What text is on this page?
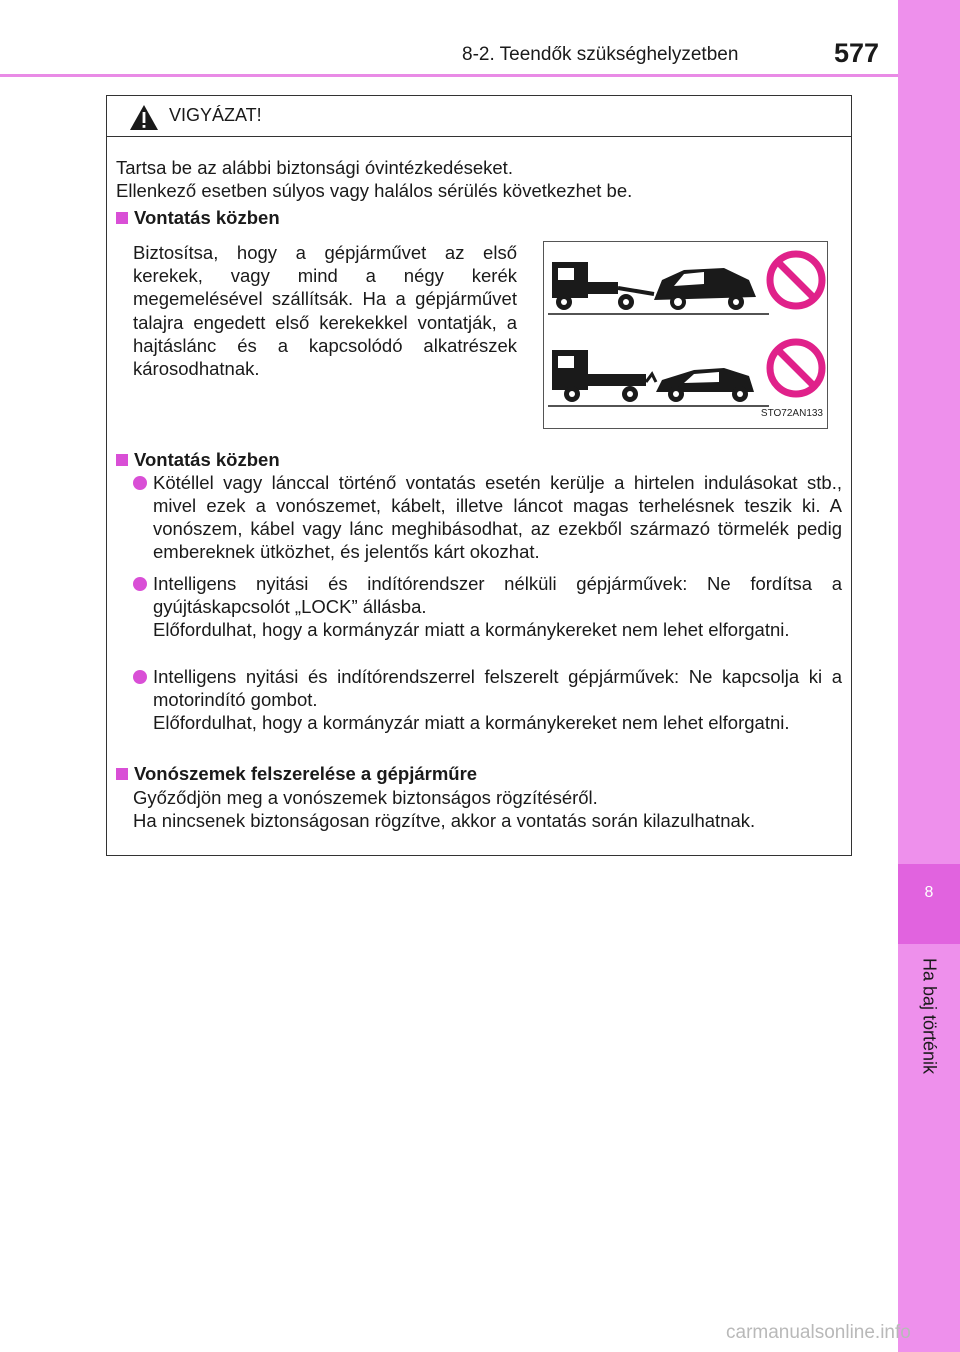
8-2. Teendők szükséghelyzetben	577
8
Ha baj történik
VIGYÁZAT!
Tartsa be az alábbi biztonsági óvintézkedéseket.
Ellenkező esetben súlyos vagy halálos sérülés következhet be.
Vontatás közben
Biztosítsa, hogy a gépjárművet az első kerekek, vagy mind a négy kerék megemelésével szállítsák. Ha a gépjárművet talajra engedett első kerekekkel vontatják, a hajtáslánc és a kapcsolódó alkatrészek károsodhatnak.
STO72AN133
Vontatás közben
Kötéllel vagy lánccal történő vontatás esetén kerülje a hirtelen indulásokat stb., mivel ezek a vonószemet, kábelt, illetve láncot magas terhelésnek teszik ki. A vonószem, kábel vagy lánc meghibásodhat, az ezekből származó törmelék pedig embereknek ütközhet, és jelentős kárt okozhat.
Intelligens nyitási és indítórendszer nélküli gépjárművek: Ne fordítsa a gyújtáskapcsolót „LOCK” állásba.
Előfordulhat, hogy a kormányzár miatt a kormánykereket nem lehet elforgatni.
Intelligens nyitási és indítórendszerrel felszerelt gépjárművek: Ne kapcsolja ki a motorindító gombot.
Előfordulhat, hogy a kormányzár miatt a kormánykereket nem lehet elforgatni.
Vonószemek felszerelése a gépjárműre
Győződjön meg a vonószemek biztonságos rögzítéséről.
Ha nincsenek biztonságosan rögzítve, akkor a vontatás során kilazulhatnak.
carmanualsonline.info
